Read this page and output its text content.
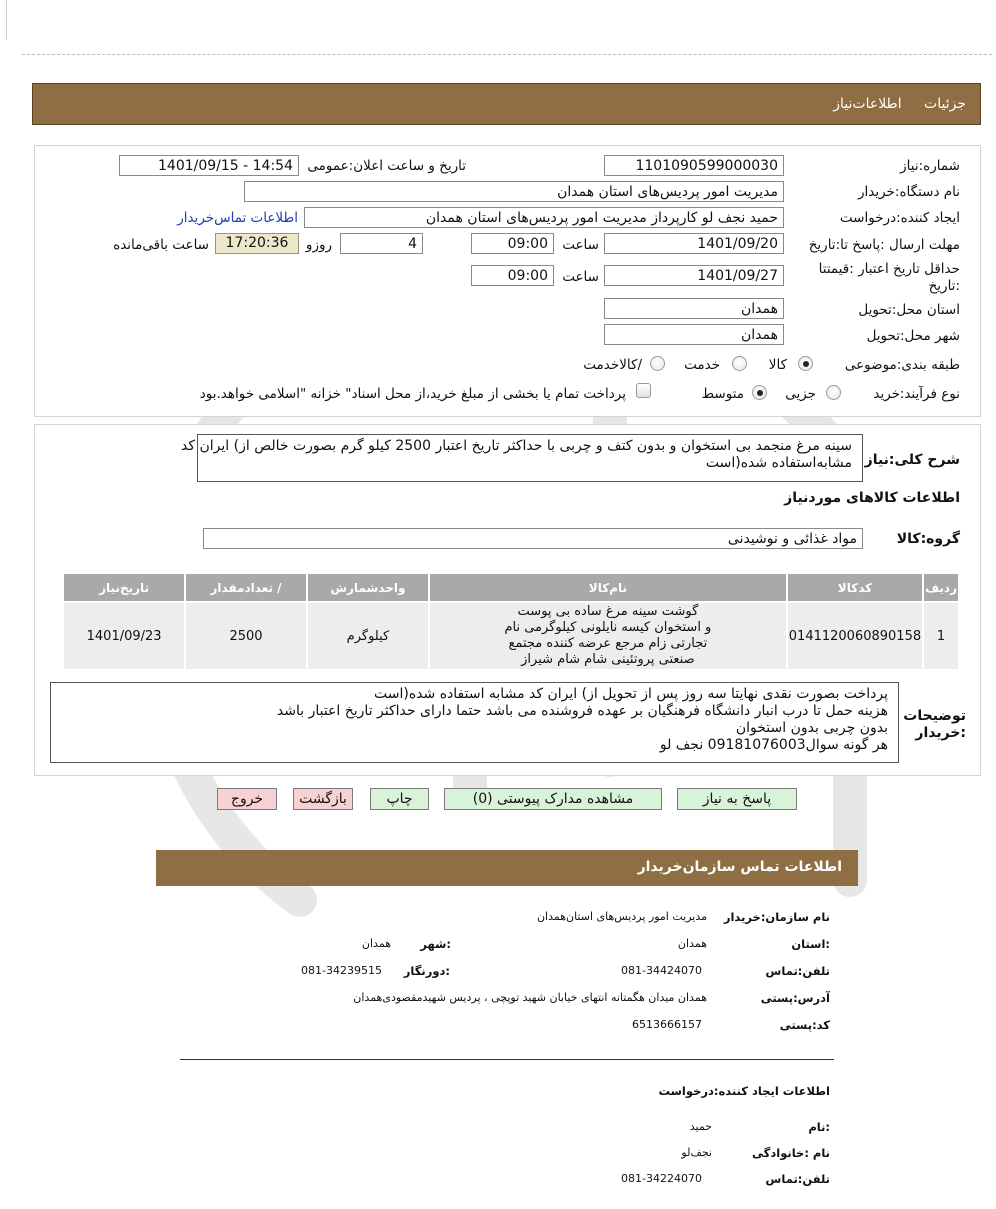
جزئیات اطلاعات‌نیاز
شماره:نیاز
1101090599000030
تاریخ و ساعت اعلان:عمومی
1401/09/15 - 14:54
نام دستگاه:خریدار
مدیریت امور پردیس‌های استان همدان
ایجاد کننده:درخواست
حمید نجف لو کارپرداز مدیریت امور پردیس‌های استان همدان
اطلاعات تماس‌خریدار
مهلت ارسال :پاسخ تا:تاریخ
1401/09/20
ساعت
09:00
4
روزو
17:20:36
ساعت باقی‌مانده
حداقل تاریخ اعتبار :قیمتتا
:تاریخ
1401/09/27
ساعت
09:00
استان محل:تحویل
همدان
شهر محل:تحویل
همدان
طبقه بندی:موضوعی
کالا
خدمت
/کالاخدمت
نوع فرآیند:
خرید
جزیی
متوسط
پرداخت تمام یا بخشی از مبلغ خرید،از محل اسناد" خزانه "اسلامی خواهد.بود
شرح کلی:نیاز
سینه مرغ منجمد بی استخوان و بدون کتف و چربی با حداکثر تاریخ اعتبار 2500 کیلو گرم بصورت خالص از) ایران کد
مشابه‌استفاده شده(است
اطلاعات کالاهای موردنیاز
گروه:کالا
مواد غذائی و نوشیدنی
ردیف	کدکالا	نام‌کالا	واحدشمارش	/ تعدادمقدار	تاریخ‌نیاز
1	0141120060890158	گوشت سینه مرغ ساده بی پوست
و استخوان کیسه نایلونی کیلوگرمی نام
تجارتی زام مرجع عرضه کننده مجتمع
صنعتی پروتئینی شام شام شیراز	کیلوگرم	2500	1401/09/23
توضیحات
:خریدار
پرداخت بصورت نقدی نهایتا سه روز پس از تحویل از) ایران کد مشابه استفاده شده(است
هزینه حمل تا درب انبار دانشگاه فرهنگیان بر عهده فروشنده می باشد حتما دارای حداکثر تاریخ اعتبار باشد
بدون چربی بدون استخوان
هر گونه سوال09181076003 نجف لو
پاسخ به نیاز
مشاهده مدارک پیوستی (0)
چاپ
بازگشت
خروج
اطلاعات تماس سازمان‌خریدار
نام سازمان:خریدار
مدیریت امور پردیس‌های استان‌همدان
:استان
همدان
:شهر
همدان
تلفن:تماس
081-34424070
:دورنگار
081-34239515
آدرس:پستی
همدان میدان هگمتانه انتهای خیابان شهید توپچی ، پردیس شهید‌مقصودی‌همدان
کد:پستی
6513666157
اطلاعات ایجاد کننده:درخواست
:نام
حمید
نام :خانوادگی
نجف‌لو
تلفن:تماس
081-34224070
